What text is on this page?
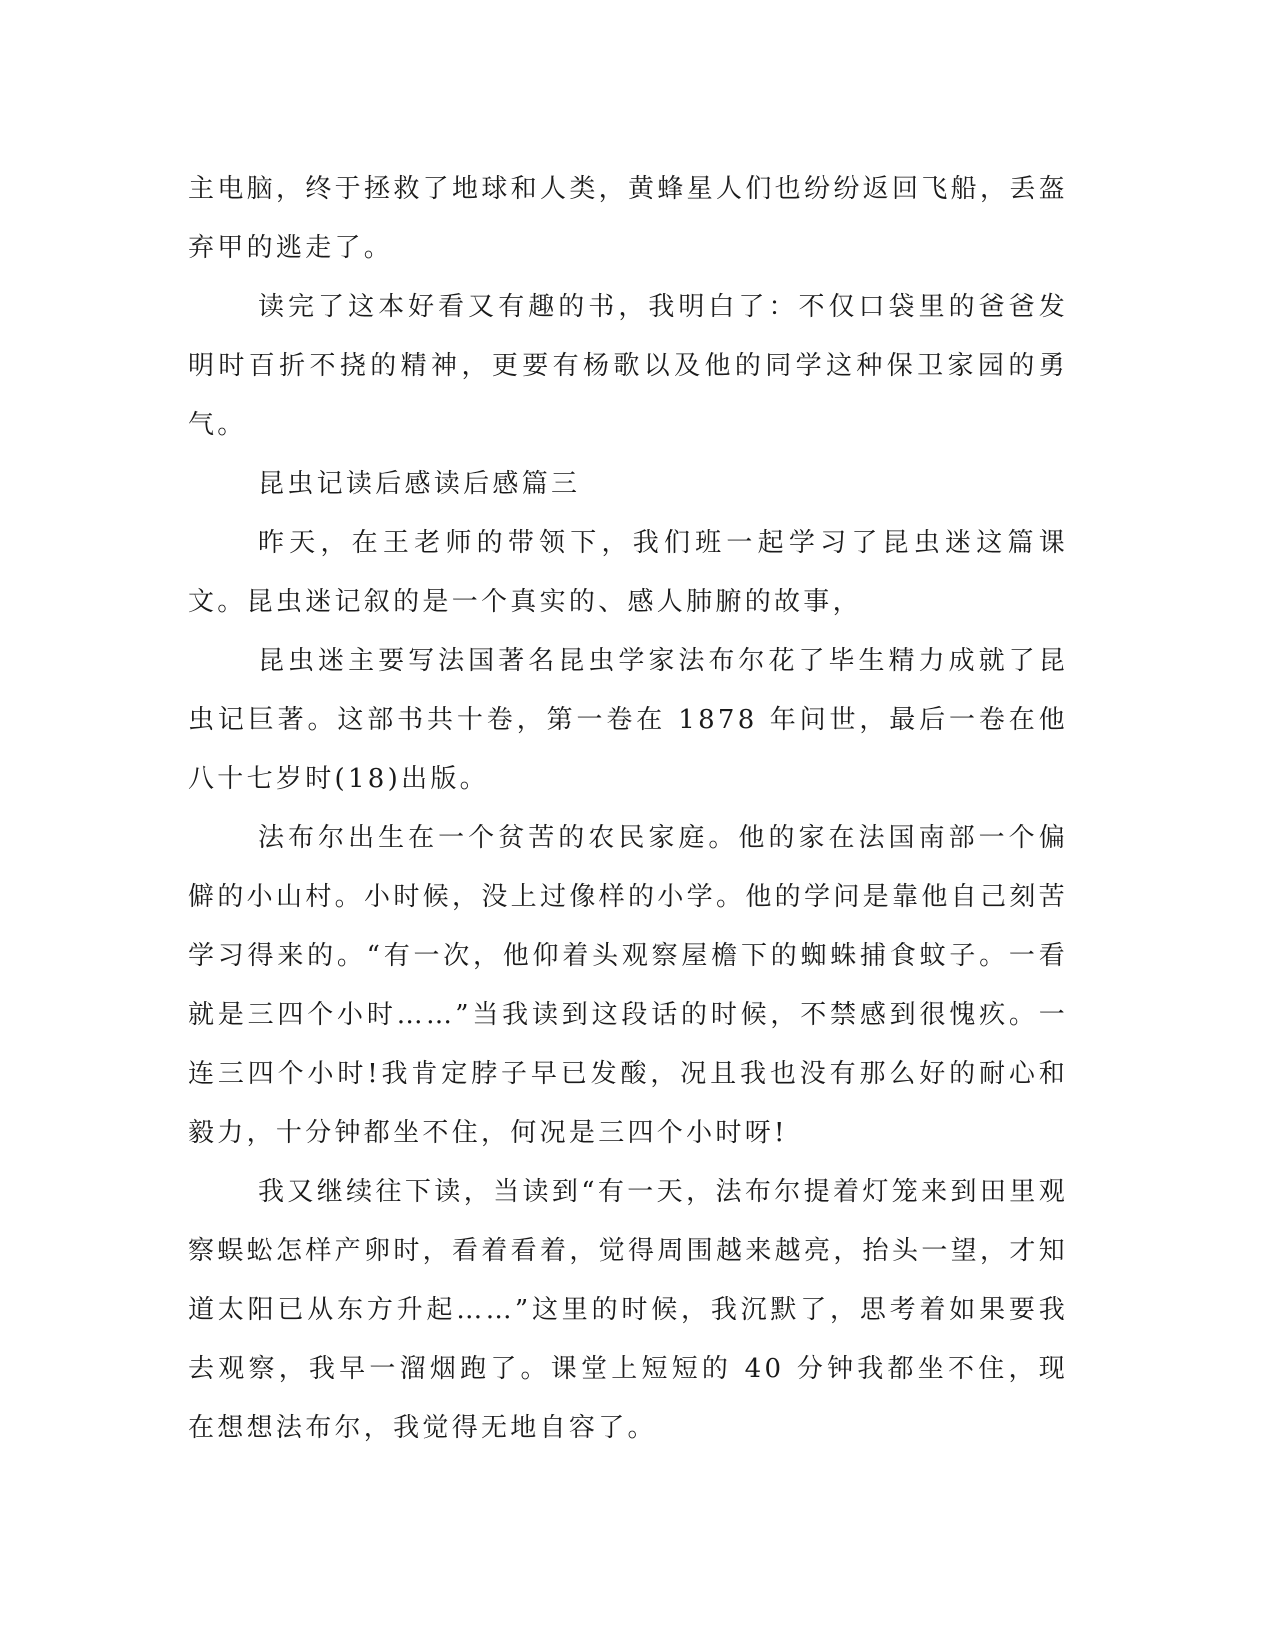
主电脑，终于拯救了地球和人类，黄蜂星人们也纷纷返回飞船，丢盔弃甲的逃走了。

读完了这本好看又有趣的书，我明白了：不仅口袋里的爸爸发明时百折不挠的精神，更要有杨歌以及他的同学这种保卫家园的勇气。

昆虫记读后感读后感篇三

昨天，在王老师的带领下，我们班一起学习了昆虫迷这篇课文。昆虫迷记叙的是一个真实的、感人肺腑的故事，

昆虫迷主要写法国著名昆虫学家法布尔花了毕生精力成就了昆虫记巨著。这部书共十卷，第一卷在 1878 年问世，最后一卷在他八十七岁时(18)出版。

法布尔出生在一个贫苦的农民家庭。他的家在法国南部一个偏僻的小山村。小时候，没上过像样的小学。他的学问是靠他自己刻苦学习得来的。“有一次，他仰着头观察屋檐下的蜘蛛捕食蚊子。一看就是三四个小时……”当我读到这段话的时候，不禁感到很愧疚。一连三四个小时!我肯定脖子早已发酸，况且我也没有那么好的耐心和毅力，十分钟都坐不住，何况是三四个小时呀!

我又继续往下读，当读到“有一天，法布尔提着灯笼来到田里观察蜈蚣怎样产卵时，看着看着，觉得周围越来越亮，抬头一望，才知道太阳已从东方升起……”这里的时候，我沉默了，思考着如果要我去观察，我早一溜烟跑了。课堂上短短的 40 分钟我都坐不住，现在想想法布尔，我觉得无地自容了。
